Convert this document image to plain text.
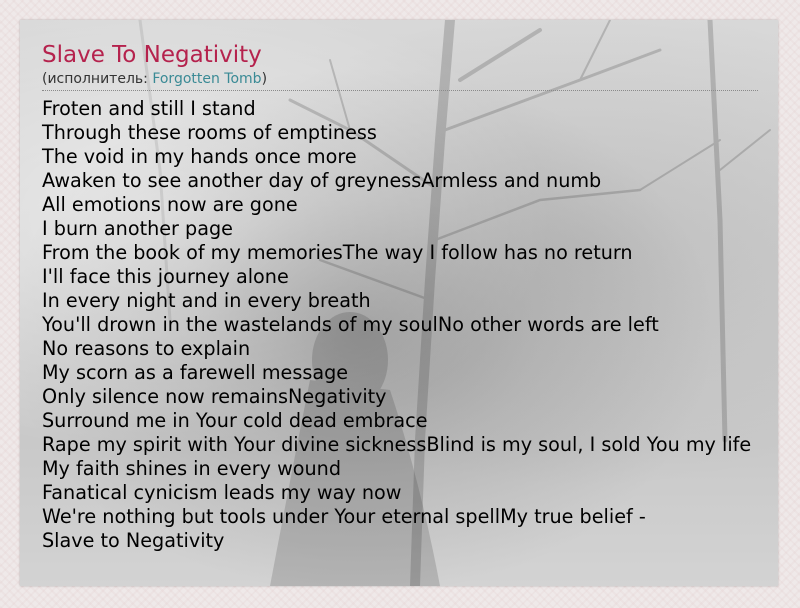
Slave To Negativity

(исполнитель: Forgotten Tomb)

Froten and still I stand
Through these rooms of emptiness
The void in my hands once more
Awaken to see another day of greynessArmless and numb
All emotions now are gone
I burn another page
From the book of my memoriesThe way I follow has no return
I'll face this journey alone
In every night and in every breath
You'll drown in the wastelands of my soulNo other words are left
No reasons to explain
My scorn as a farewell message
Only silence now remainsNegativity
Surround me in Your cold dead embrace
Rape my spirit with Your divine sicknessBlind is my soul, I sold You my life
My faith shines in every wound
Fanatical cynicism leads my way now
We're nothing but tools under Your eternal spellMy true belief -
Slave to Negativity
